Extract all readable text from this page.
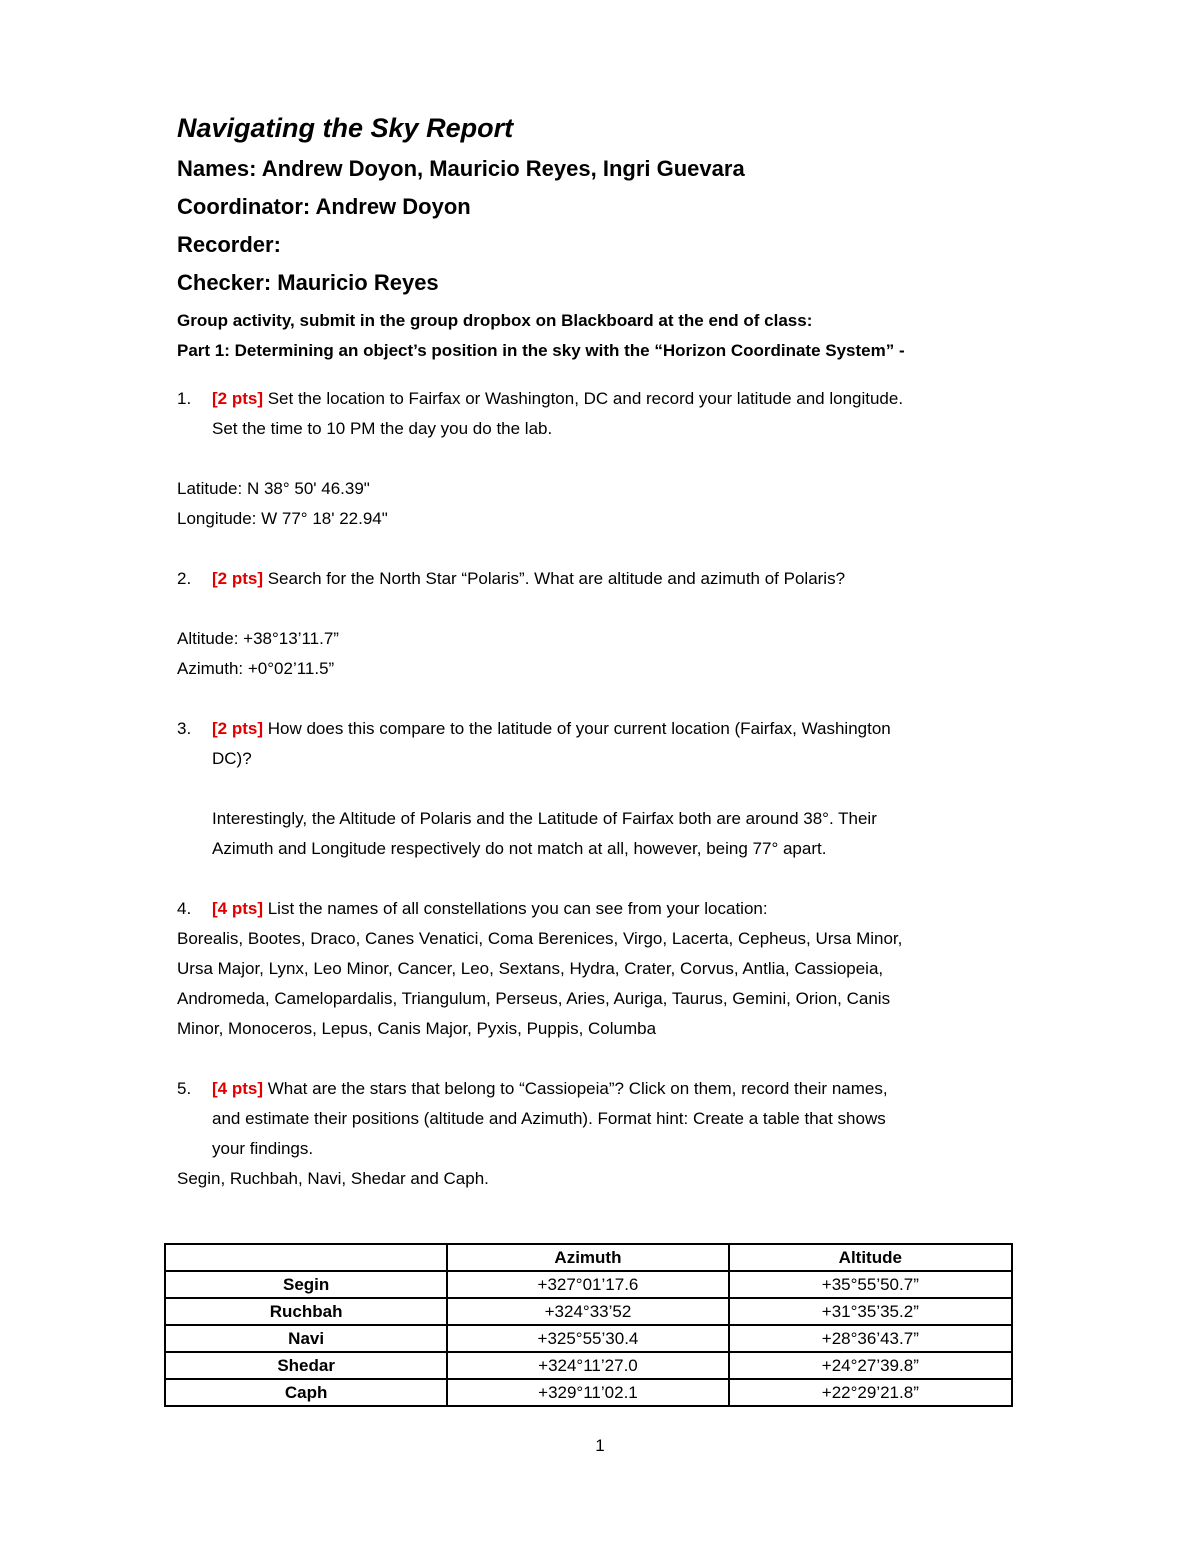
Navigating the Sky Report

Names: Andrew Doyon, Mauricio Reyes, Ingri Guevara

Coordinator: Andrew Doyon

Recorder:

Checker: Mauricio Reyes

Group activity, submit in the group dropbox on Blackboard at the end of class:

Part 1: Determining an object’s position in the sky with the “Horizon Coordinate System” -

1. [2 pts] Set the location to Fairfax or Washington, DC and record your latitude and longitude.

Set the time to 10 PM the day you do the lab.

Latitude: N 38° 50' 46.39"

Longitude: W 77° 18' 22.94"

2. [2 pts] Search for the North Star “Polaris”. What are altitude and azimuth of Polaris?

Altitude: +38°13’11.7”

Azimuth: +0°02’11.5”

3. [2 pts] How does this compare to the latitude of your current location (Fairfax, Washington

DC)?

Interestingly, the Altitude of Polaris and the Latitude of Fairfax both are around 38°. Their

Azimuth and Longitude respectively do not match at all, however, being 77° apart.

4. [4 pts] List the names of all constellations you can see from your location:

Borealis, Bootes, Draco, Canes Venatici, Coma Berenices, Virgo, Lacerta, Cepheus, Ursa Minor,

Ursa Major, Lynx, Leo Minor, Cancer, Leo, Sextans, Hydra, Crater, Corvus, Antlia, Cassiopeia,

Andromeda, Camelopardalis, Triangulum, Perseus, Aries, Auriga, Taurus, Gemini, Orion, Canis

Minor, Monoceros, Lepus, Canis Major, Pyxis, Puppis, Columba

5. [4 pts] What are the stars that belong to “Cassiopeia”? Click on them, record their names,

and estimate their positions (altitude and Azimuth). Format hint: Create a table that shows

your findings.

Segin, Ruchbah, Navi, Shedar and Caph.

	Azimuth	Altitude
Segin	+327°01’17.6	+35°55’50.7”
Ruchbah	+324°33’52	+31°35’35.2”
Navi	+325°55’30.4	+28°36’43.7”
Shedar	+324°11’27.0	+24°27’39.8”
Caph	+329°11’02.1	+22°29’21.8”
1
